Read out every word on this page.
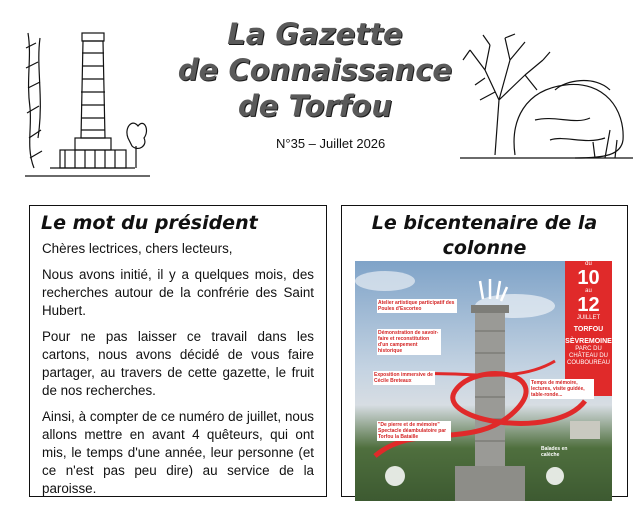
La Gazette
de Connaissance
de Torfou
N°35 – Juillet 2026
Le mot du président

Chères lectrices, chers lecteurs,

Nous avons initié, il y a quelques mois, des recherches autour de la confrérie des Saint Hubert.

Pour ne pas laisser ce travail dans les cartons, nous avons décidé de vous faire partager, au travers de cette gazette, le fruit de nos recherches.

Ainsi, à compter de ce numéro de juillet, nous allons mettre en avant 4 quêteurs, qui ont mis, le temps d'une année, leur personne (et ce n'est pas peu dire) au service de la paroisse.

Le bicentenaire de la colonne
du
10
au
12
JUILLET
TORFOU
SÈVREMOINE
PARC DU CHÂTEAU DU COUBOUREAU
Atelier artistique participatif des Poules d'Escorteo
Démonstration de savoir-faire et reconstitution d'un campement historique
Exposition immersive de Cécile Breteaux	Temps de mémoire, lectures, visite guidée, table-ronde...
"De pierre et de mémoire" Spectacle déambulatoire par Torfou la Bataille
Balades en calèche
